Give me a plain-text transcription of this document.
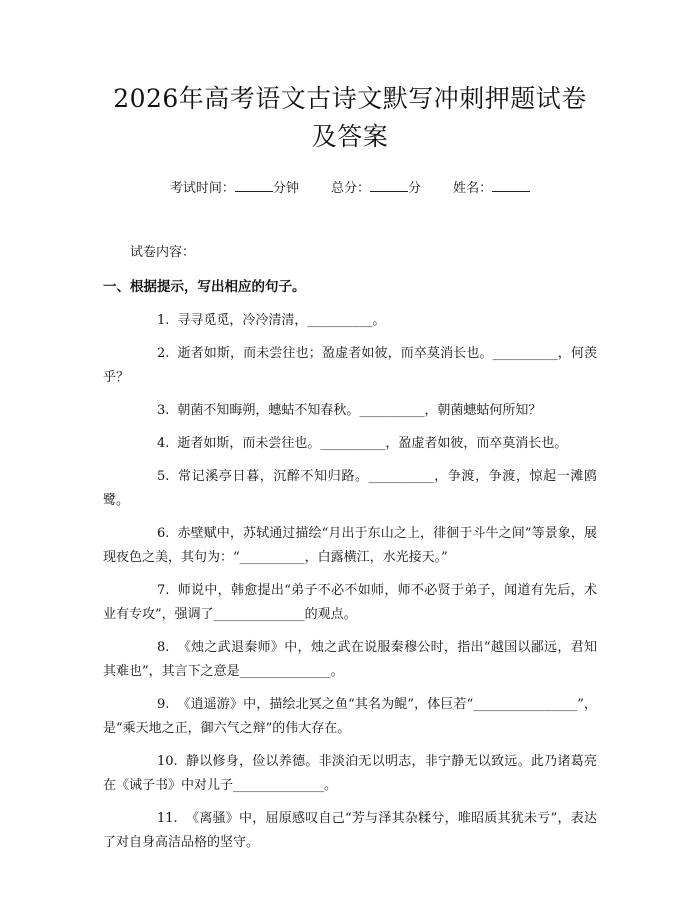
2026年高考语文古诗文默写冲刺押题试卷及答案
考试时间：	分钟 总分：	分 姓名：
试卷内容：
一、根据提示，写出相应的句子。

1. 寻寻觅觅，冷冷清清，__________。

2. 逝者如斯，而未尝往也；盈虚者如彼，而卒莫消长也。__________，何羡乎？

3. 朝菌不知晦朔，蟪蛄不知春秋。__________，朝菌蟪蛄何所知？

4. 逝者如斯，而未尝往也。__________，盈虚者如彼，而卒莫消长也。

5. 常记溪亭日暮，沉醉不知归路。__________，争渡，争渡，惊起一滩鸥鹭。

6. 赤壁赋中，苏轼通过描绘“月出于东山之上，徘徊于斗牛之间”等景象，展现夜色之美，其句为：“__________，白露横江，水光接天。”

7. 师说中，韩愈提出“弟子不必不如师，师不必贤于弟子，闻道有先后，术业有专攻”，强调了______________的观点。

8. 《烛之武退秦师》中，烛之武在说服秦穆公时，指出“越国以鄙远，君知其难也”，其言下之意是______________。

9. 《逍遥游》中，描绘北冥之鱼“其名为鲲”，体巨若“________________”，是“乘天地之正，御六气之辩”的伟大存在。

10. 静以修身，俭以养德。非淡泊无以明志，非宁静无以致远。此乃诸葛亮在《诫子书》中对儿子______________。

11. 《离骚》中，屈原感叹自己“芳与泽其杂糅兮，唯昭质其犹未亏”，表达了对自身高洁品格的坚守。
